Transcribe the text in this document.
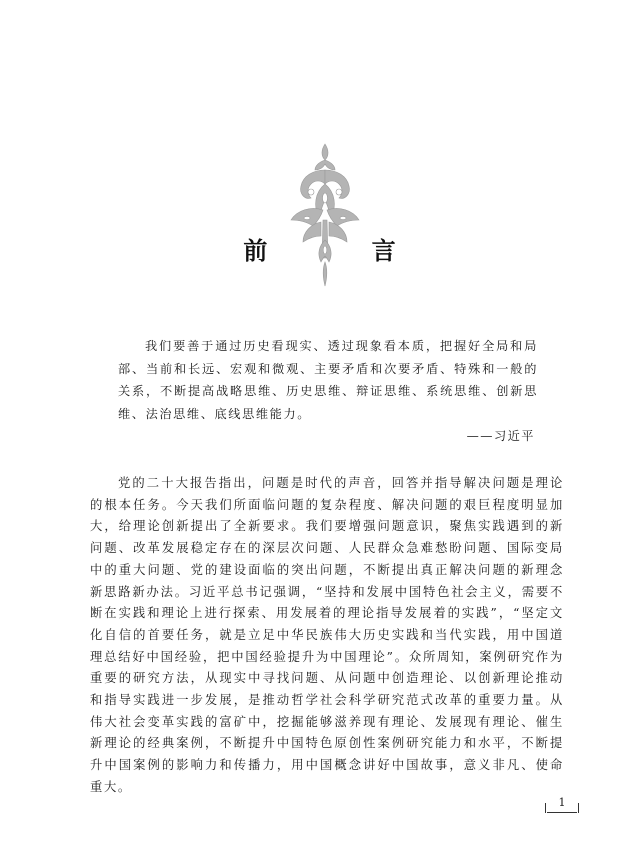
前 言

我们要善于通过历史看现实、透过现象看本质，把握好全局和局部、当前和长远、宏观和微观、主要矛盾和次要矛盾、特殊和一般的关系，不断提高战略思维、历史思维、辩证思维、系统思维、创新思维、法治思维、底线思维能力。

——习近平

党的二十大报告指出，问题是时代的声音，回答并指导解决问题是理论的根本任务。今天我们所面临问题的复杂程度、解决问题的艰巨程度明显加大，给理论创新提出了全新要求。我们要增强问题意识，聚焦实践遇到的新问题、改革发展稳定存在的深层次问题、人民群众急难愁盼问题、国际变局中的重大问题、党的建设面临的突出问题，不断提出真正解决问题的新理念新思路新办法。习近平总书记强调，“坚持和发展中国特色社会主义，需要不断在实践和理论上进行探索、用发展着的理论指导发展着的实践”，“坚定文化自信的首要任务，就是立足中华民族伟大历史实践和当代实践，用中国道理总结好中国经验，把中国经验提升为中国理论”。众所周知，案例研究作为重要的研究方法，从现实中寻找问题、从问题中创造理论、以创新理论推动和指导实践进一步发展，是推动哲学社会科学研究范式改革的重要力量。从伟大社会变革实践的富矿中，挖掘能够滋养现有理论、发展现有理论、催生新理论的经典案例，不断提升中国特色原创性案例研究能力和水平，不断提升中国案例的影响力和传播力，用中国概念讲好中国故事，意义非凡、使命重大。

1
